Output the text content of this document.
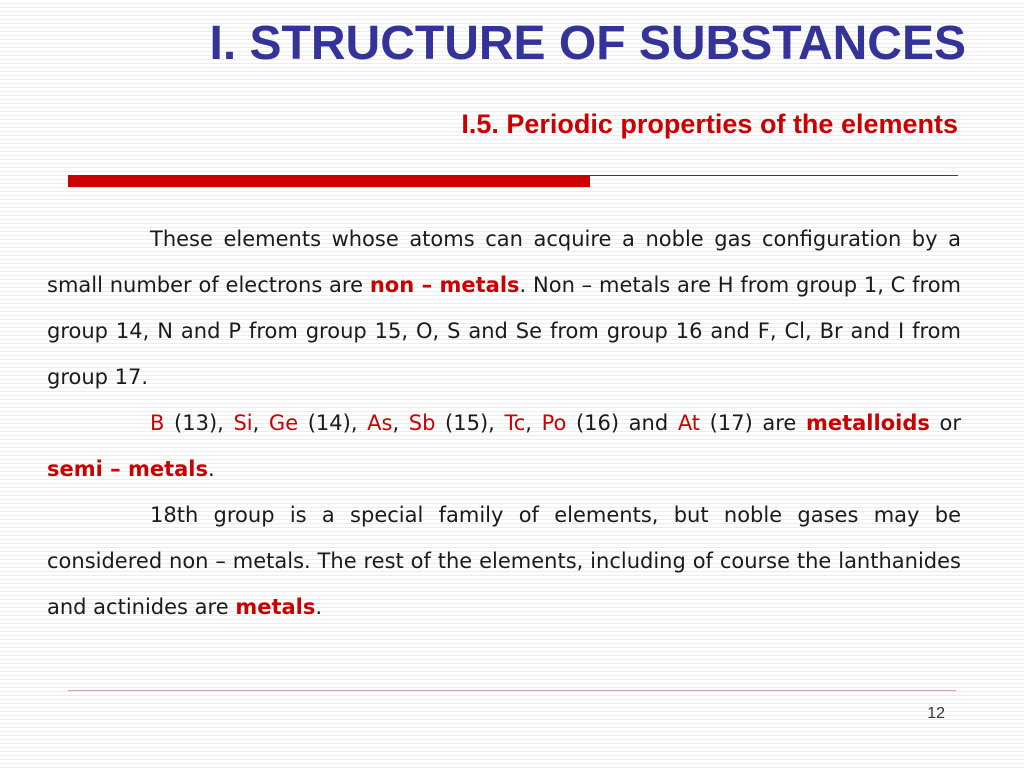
I. STRUCTURE OF SUBSTANCES
I.5. Periodic properties of the elements

These elements whose atoms can acquire a noble gas configuration by a small number of electrons are non – metals. Non – metals are H from group 1, C from group 14, N and P from group 15, O, S and Se from group 16 and F, Cl, Br and I from group 17.

B (13), Si, Ge (14), As, Sb (15), Tc, Po (16) and At (17) are metalloids or semi – metals.

18th group is a special family of elements, but noble gases may be considered non – metals. The rest of the elements, including of course the lanthanides and actinides are metals.

12
